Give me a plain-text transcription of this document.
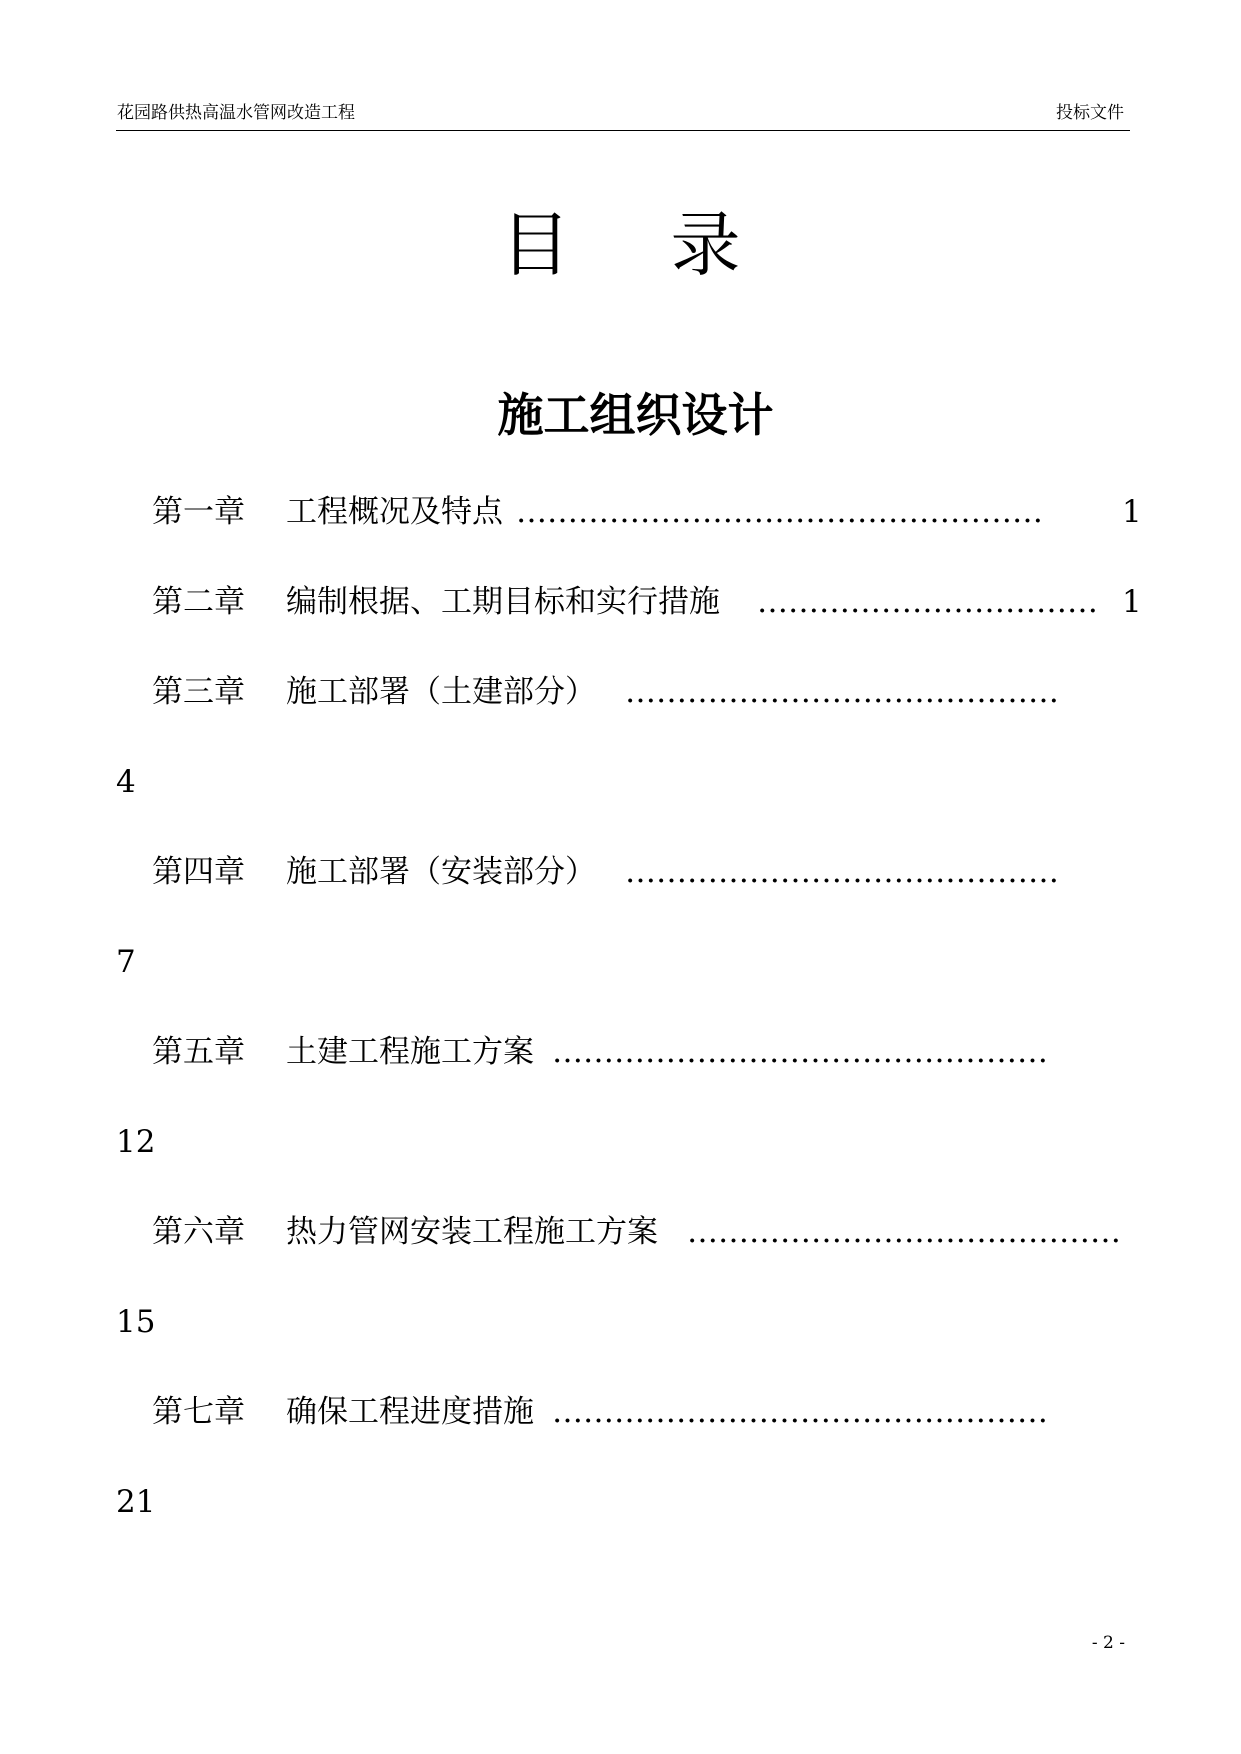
花园路供热高温水管网改造工程	投标文件
目 录
施工组织设计
第一章 工程概况及特点 ……………………………………………	1
第二章 编制根据、工期目标和实行措施 …………………………… 1
第三章 施工部署（土建部分） ……………………………………
4
第四章 施工部署（安装部分） ……………………………………
7
第五章 土建工程施工方案 …………………………………………
12
第六章 热力管网安装工程施工方案 ……………………………………
15
第七章 确保工程进度措施 …………………………………………
21
- 2 -
